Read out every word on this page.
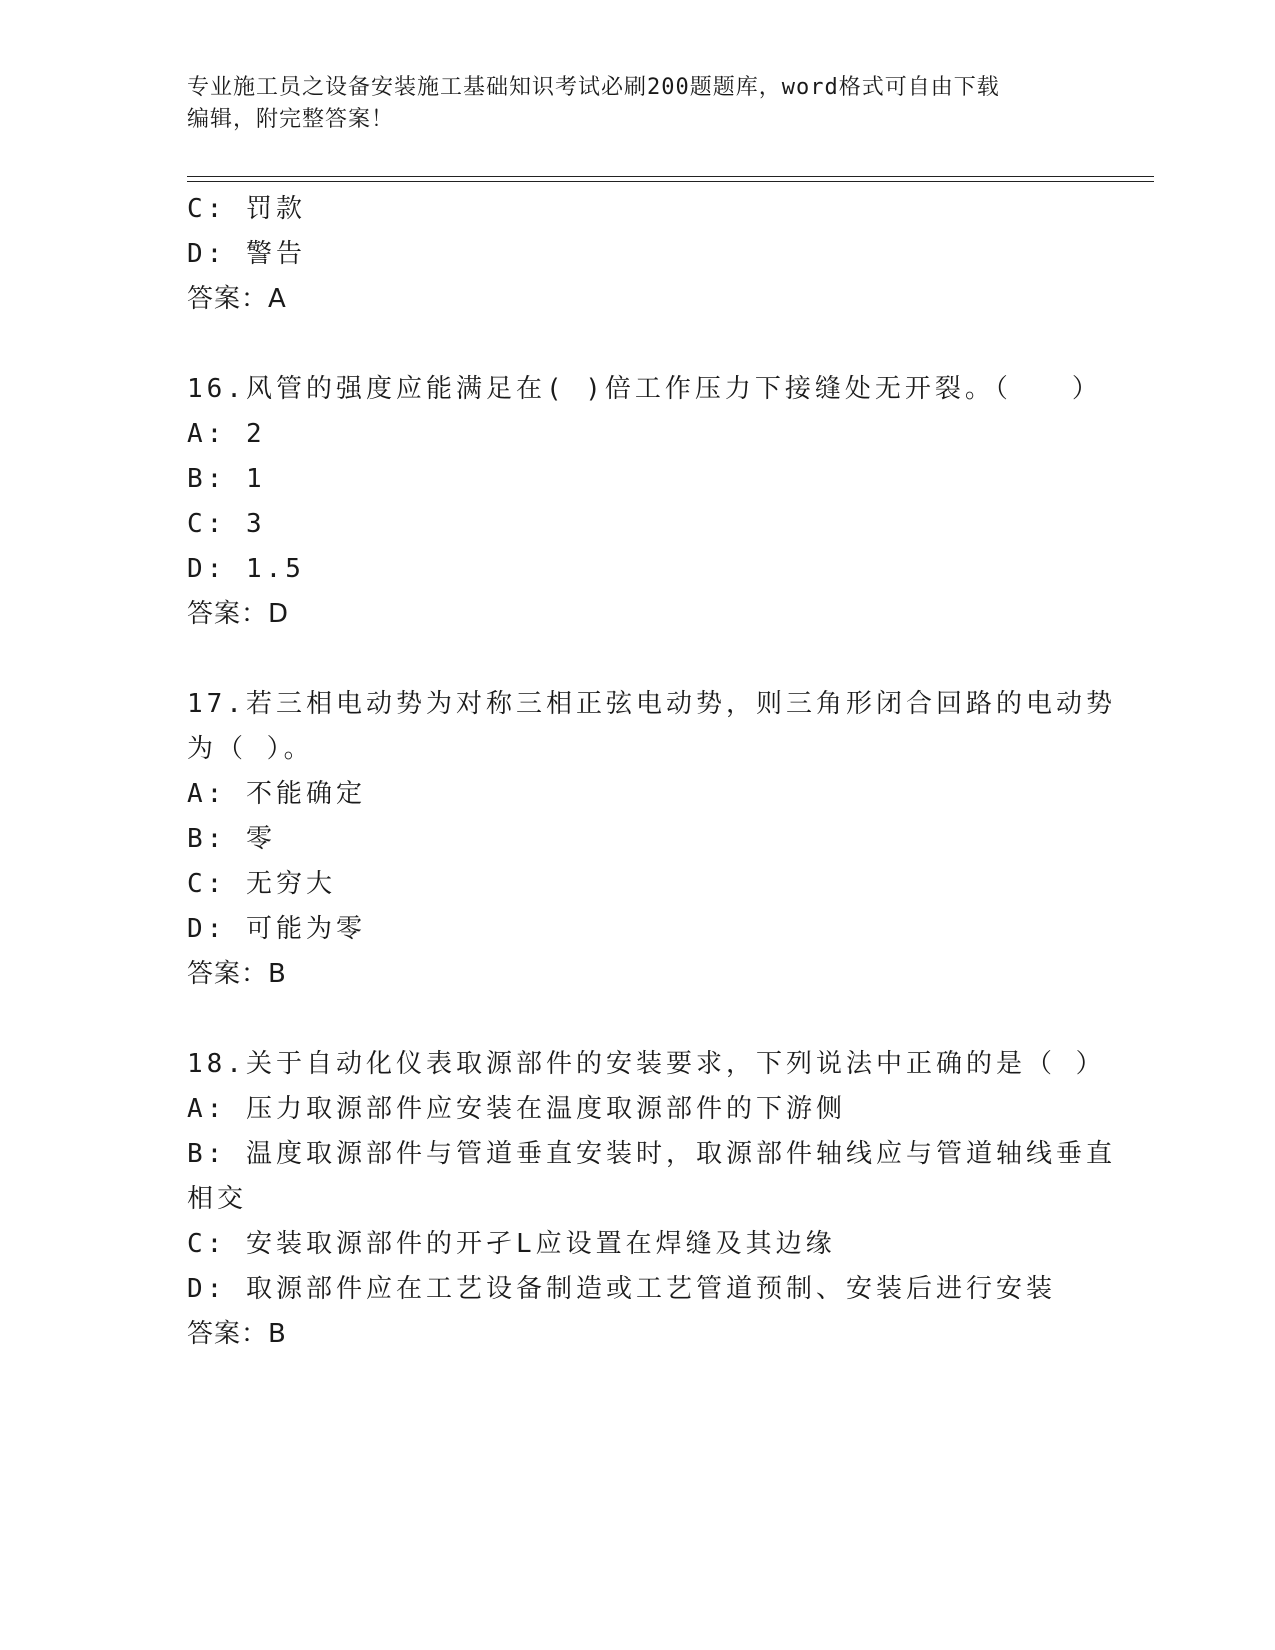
专业施工员之设备安装施工基础知识考试必刷200题题库，word格式可自由下载
编辑，附完整答案！
C: 罚款
D: 警告
答案：A
16.风管的强度应能满足在( )倍工作压力下接缝处无开裂。（　　）
A: 2
B: 1
C: 3
D: 1.5
答案：D
17.若三相电动势为对称三相正弦电动势，则三角形闭合回路的电动势
为（ ）。
A: 不能确定
B: 零
C: 无穷大
D: 可能为零
答案：B
18.关于自动化仪表取源部件的安装要求，下列说法中正确的是（ ）
A: 压力取源部件应安装在温度取源部件的下游侧
B: 温度取源部件与管道垂直安装时，取源部件轴线应与管道轴线垂直
相交
C: 安装取源部件的开孑L应设置在焊缝及其边缘
D: 取源部件应在工艺设备制造或工艺管道预制、安装后进行安装
答案：B
